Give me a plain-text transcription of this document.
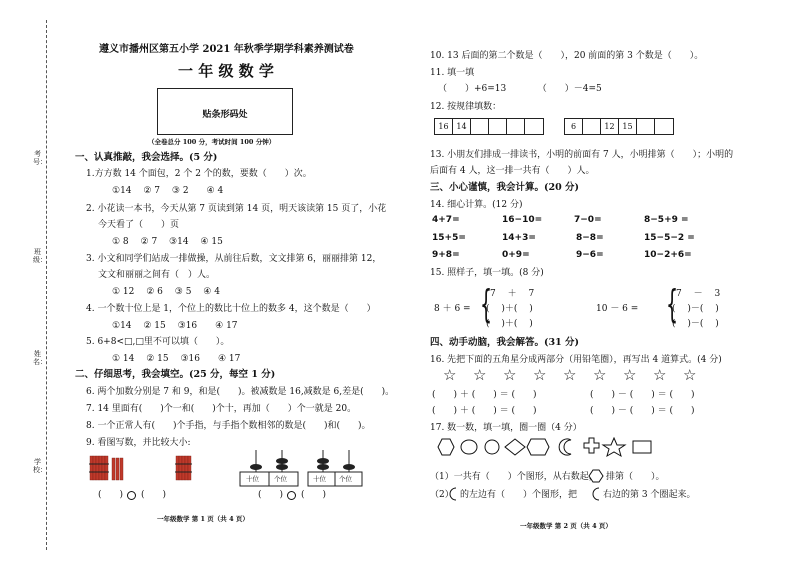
考号：
班级：
姓名：
学校：
遵义市播州区第五小学 2021 年秋季学期学科素养测试卷
一 年 级 数 学
贴条形码处
（全卷总分 100 分，考试时间 100 分钟）
一、认真推敲，我会选择。(5 分)
1.方方数 14 个面包，2 个 2 个的数，要数（　　）次。
①14　 ② 7　 ③ 2　　④ 4
2. 小花读一本书，今天从第 7 页读到第 14 页，明天该读第 15 页了，小花
今天看了（　　）页
① 8　 ② 7　 ③14　 ④ 15
3. 小文和同学们站成一排做操，从前往后数，文文排第 6，丽丽排第 12，
文文和丽丽之间有（　）人。
① 12　 ② 6　 ③ 5　 ④ 4
4. 一个数十位上是 1，个位上的数比十位上的数多 4，这个数是（　　）
①14　 ② 15　 ③16　　④ 17
5. 6+8<□,□里不可以填（　　）。
① 14　 ② 15　 ③16　　④ 17
二、仔细思考，我会填空。(25 分，每空 1 分)
6. 两个加数分别是 7 和 9，和是(　　)。被减数是 16,减数是 6,差是(　　)。
7. 14 里面有(　　)个一和(　　)个十，再加（　　）个一就是 20。
8. 一个正常人有(　　)个手指，与手指个数相邻的数是(　　)和(　　)。
9. 看图写数，并比较大小:
十位 个位	十位 个位
(　　)　　(　　)	(　　)　　(　　)
一年级数学 第 1 页（共 4 页）
10. 13 后面的第二个数是（　　），20 前面的第 3 个数是（　　）。
11. 填一填
（　　）+6=13　　　　（　　）－4=5
12. 按规律填数：
16 14	6	12 15
13. 小朋友们排成一排读书，小明的前面有 7 人，小明排第（　　）；小明的
后面有 4 人，这一排一共有（　　）人。
三、小心谨慎，我会计算。(20 分)
14. 细心计算。(12 分)
4+7=	16−10=	7−0=	8−5+9 =
15+5=	14+3=	8−8=	15−5−2 =
9+8=	0+9=	9−6=	10−2+6=
15. 照样子，填一填。(8 分)
8 ＋ 6 = {
7　 ＋　 7
(　 )＋(　 )
(　 )＋(　 )
10 － 6 = {
7　 －　 3
(　 )－(　 )
(　 )－(　 )
四、动手动脑，我会解答。(31 分)
16. 先把下面的五角星分成两部分（用铅笔圈），再写出 4 道算式。(4 分)
☆ ☆ ☆ ☆ ☆ ☆ ☆ ☆ ☆
(　　) ＋ (　　) ＝ (　　)	(　　) － (　　) ＝ (　　)
(　　) ＋ (　　) ＝ (　　)	(　　) － (　　) ＝ (　　)
17. 数一数，填一填，圈一圈（4 分）
（1）一共有（　　）个图形，从右数起， 排第（　　）。
（2） 的左边有（　　）个图形，把	右边的第 3 个圈起来。
一年级数学 第 2 页（共 4 页）
